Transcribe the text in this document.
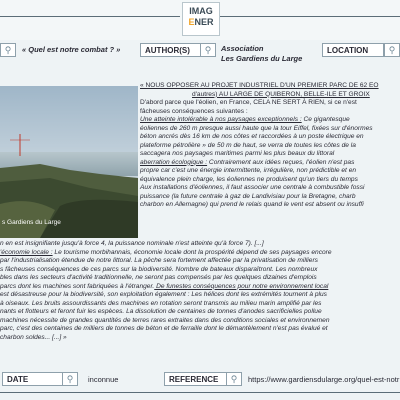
IMAG
ENER
⚲	« Quel est notre combat ? »	AUTHOR(S)	⚲	Association
Les Gardiens du Large
LOCATION	⚲
s Gardiens du Large
« NOUS OPPOSER AU PROJET INDUSTRIEL D'UN PREMIER PARC DE 62 EO
d'autres) AU LARGE DE QUIBERON, BELLE-ILE ET GROIX
D'abord parce que l'éolien, en France, CELA NE SERT À RIEN, si ce n'est
fâcheuses conséquences suivantes :
Une atteinte intolérable à nos paysages exceptionnels : Ce gigantesque
éoliennes de 260 m presque aussi haute que la tour Eiffel, fixées sur d'énormes
béton ancrés dès 16 km de nos côtes et raccordées à un poste électrique en
plateforme pétrolière » de 50 m de haut, se verra de toutes les côtes de la
saccagera nos paysages maritimes parmi les plus beaux du littoral
aberration écologique : Contrairement aux idées reçues, l'éolien n'est pas
propre car c'est une énergie intermittente, irrégulière, non prédictible et en
équivalence plein charge, les éoliennes ne produisent qu'un tiers du temps
Aux installations d'éoliennes, il faut associer une centrale à combustible fossi
puissance (la future centrale à gaz de Landivisiau pour la Bretagne, charb
charbon en Allemagne) qui prend le relais quand le vent est absent ou insuffi
n en est insignifiante jusqu'à force 4, la puissance nominale n'est atteinte qu'à force 7). [...]
'économie locale : Le tourisme morbihannais, économie locale dont la prospérité dépend de ses paysages encore
par l'industrialisation étendue de notre littoral. La pêche sera fortement affectée par la privatisation de milliers
s fâcheuses conséquences de ces parcs sur la biodiversité. Nombre de bateaux disparaîtront. Les nombreux
bles dans les secteurs d'activité traditionnelle, ne seront pas compensés par les quelques dizaines d'emplois
parcs dont les machines sont fabriquées à l'étranger. De funestes conséquences pour notre environnement local
est désastreuse pour la biodiversité, son exploitation également : Les hélices dont les extrémités tournent à plus
à oiseaux. Les bruits assourdissants des machines en rotation seront transmis au milieu marin amplifié par les
nants et flotteurs et feront fuir les espèces. La dissolution de centaines de tonnes d'anodes sacrificielles pollue
machines nécessite de grandes quantités de terres rares extraites dans des conditions sociales et environnemen
parc, c'est des centaines de milliers de tonnes de béton et de ferraille dont le démantèlement n'est pas évalué et
charbon soldes... [...] »
DATE	⚲	inconnue	REFERENCE	⚲	https://www.gardiensdularge.org/quel-est-notr
